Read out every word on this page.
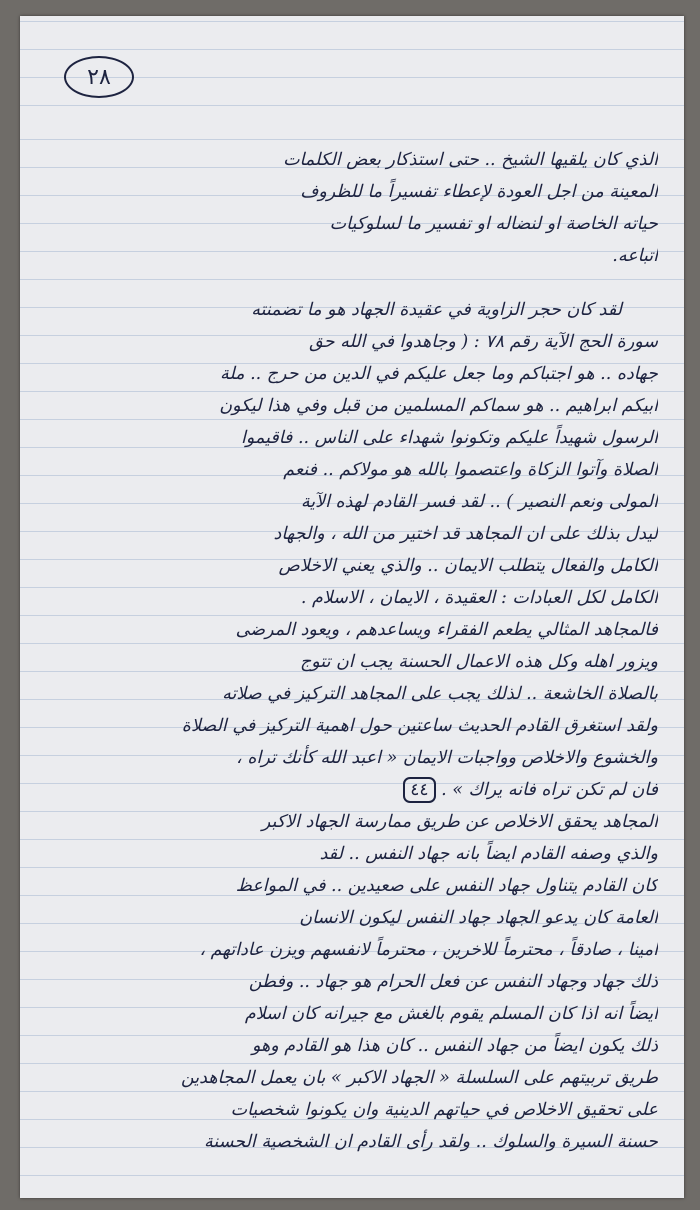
٢٨
الذي كان يلقيها الشيخ .. حتى استذكار بعض الكلمات
المعينة من اجل العودة لإعطاء تفسيراً ما للظروف
حياته الخاصة او لنضاله او تفسير ما لسلوكيات
اتباعه.
لقد كان حجر الزاوية في عقيدة الجهاد هو ما تضمنته
سورة الحج الآية رقم ٧٨ : ( وجاهدوا في الله حق
جهاده .. هو اجتباكم وما جعل عليكم في الدين من حرج .. ملة
ابيكم ابراهيم .. هو سماكم المسلمين من قبل وفي هذا ليكون
الرسول شهيداً عليكم وتكونوا شهداء على الناس .. فاقيموا
الصلاة وآتوا الزكاة واعتصموا بالله هو مولاكم .. فنعم
المولى ونعم النصير ) .. لقد فسر القادم لهذه الآية
ليدل بذلك على ان المجاهد قد اختير من الله ، والجهاد
الكامل والفعال يتطلب الايمان .. والذي يعني الاخلاص
الكامل لكل العبادات : العقيدة ، الايمان ، الاسلام .
فالمجاهد المثالي يطعم الفقراء ويساعدهم ، ويعود المرضى
ويزور اهله وكل هذه الاعمال الحسنة يجب ان تتوج
بالصلاة الخاشعة .. لذلك يجب على المجاهد التركيز في صلاته
ولقد استغرق القادم الحديث ساعتين حول اهمية التركيز في الصلاة
والخشوع والاخلاص وواجبات الايمان « اعبد الله كأنك تراه ،
فان لم تكن تراه فانه يراك » . ٤٤
المجاهد يحقق الاخلاص عن طريق ممارسة الجهاد الاكبر
والذي وصفه القادم ايضاً بانه جهاد النفس .. لقد
كان القادم يتناول جهاد النفس على صعيدين .. في المواعظ
العامة كان يدعو الجهاد جهاد النفس ليكون الانسان
امينا ، صادقاً ، محترماً للاخرين ، محترماً لانفسهم ويزن عاداتهم ،
ذلك جهاد وجهاد النفس عن فعل الحرام هو جهاد .. وفطن
ايضاً انه اذا كان المسلم يقوم بالغش مع جيرانه كان اسلام
ذلك يكون ايضاً من جهاد النفس .. كان هذا هو القادم وهو
طريق تربيتهم على السلسلة « الجهاد الاكبر » بان يعمل المجاهدين
على تحقيق الاخلاص في حياتهم الدينية وان يكونوا شخصيات
حسنة السيرة والسلوك .. ولقد رأى القادم ان الشخصية الحسنة
